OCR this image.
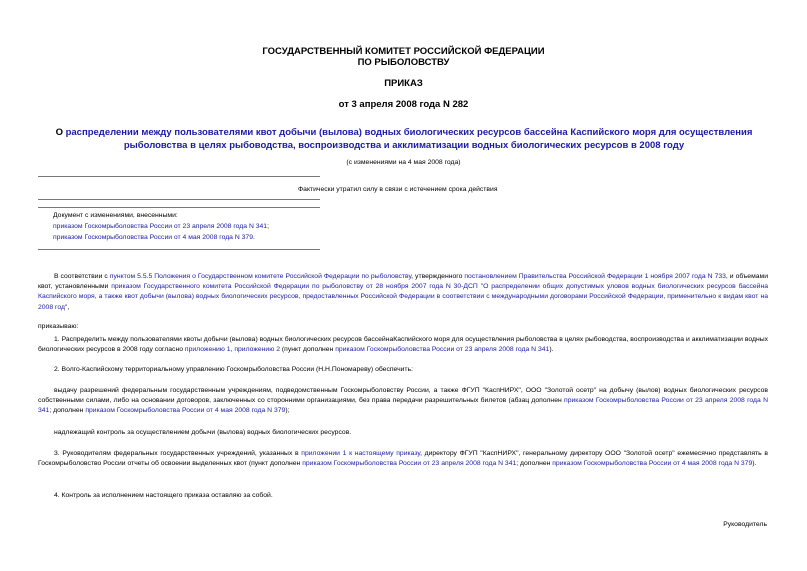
ГОСУДАРСТВЕННЫЙ КОМИТЕТ РОССИЙСКОЙ ФЕДЕРАЦИИ
ПО РЫБОЛОВСТВУ
ПРИКАЗ
от 3 апреля 2008 года N 282
О распределении между пользователями квот добычи (вылова) водных биологических ресурсов бассейна Каспийского моря для осуществления рыболовства в целях рыбоводства, воспроизводства и акклиматизации водных биологических ресурсов в 2008 году
(с изменениями на 4 мая 2008 года)
Фактически утратил силу в связи с истечением срока действия
Документ с изменениями, внесенными:
приказом Госкомрыболовства России от 23 апреля 2008 года N 341;
приказом Госкомрыболовства России от 4 мая 2008 года N 379.
В соответствии с пунктом 5.5.5 Положения о Государственном комитете Российской Федерации по рыболовству, утвержденного постановлением Правительства Российской Федерации 1 ноября 2007 года N 733, и объемами квот, установленными приказом Государственного комитета Российской Федерации по рыболовству от 28 ноября 2007 года N 30-ДСП "О распределении общих допустимых уловов водных биологических ресурсов бассейна Каспийского моря, а также квот добычи (вылова) водных биологических ресурсов, предоставленных Российской Федерации в соответствии с международными договорами Российской Федерации, применительно к видам квот на 2008 год",
приказываю:
1. Распределить между пользователями квоты добычи (вылова) водных биологических ресурсов бассейнаКаспийского моря для осуществления рыболовства в целях рыбоводства, воспроизводства и акклиматизации водных биологических ресурсов в 2008 году согласно приложению 1, приложению 2 (пункт дополнен приказом Госкомрыболовства России от 23 апреля 2008 года N 341).
2. Волго-Каспийскому территориальному управлению Госкомрыболовства России (Н.Н.Пономареву) обеспечить:
выдачу разрешений федеральным государственным учреждениям, подведомственным Госкомрыболовству России, а также ФГУП "КаспНИРХ", ООО "Золотой осетр" на добычу (вылов) водных биологических ресурсов собственными силами, либо на основании договоров, заключенных со сторонними организациями, без права передачи разрешительных билетов (абзац дополнен приказом Госкомрыболовства России от 23 апреля 2008 года N 341; дополнен приказом Госкомрыболовства России от 4 мая 2008 года N 379);
надлежащий контроль за осуществлением добычи (вылова) водных биологических ресурсов.
3. Руководителям федеральных государственных учреждений, указанных в приложении 1 к настоящему приказу, директору ФГУП "КаспНИРХ", генеральному директору ООО "Золотой осетр" ежемесячно представлять в Госкомрыболовство России отчеты об освоении выделенных квот (пункт дополнен приказом Госкомрыболовства России от 23 апреля 2008 года N 341; дополнен приказом Госкомрыболовства России от 4 мая 2008 года N 379).
4. Контроль за исполнением настоящего приказа оставляю за собой.
Руководитель
